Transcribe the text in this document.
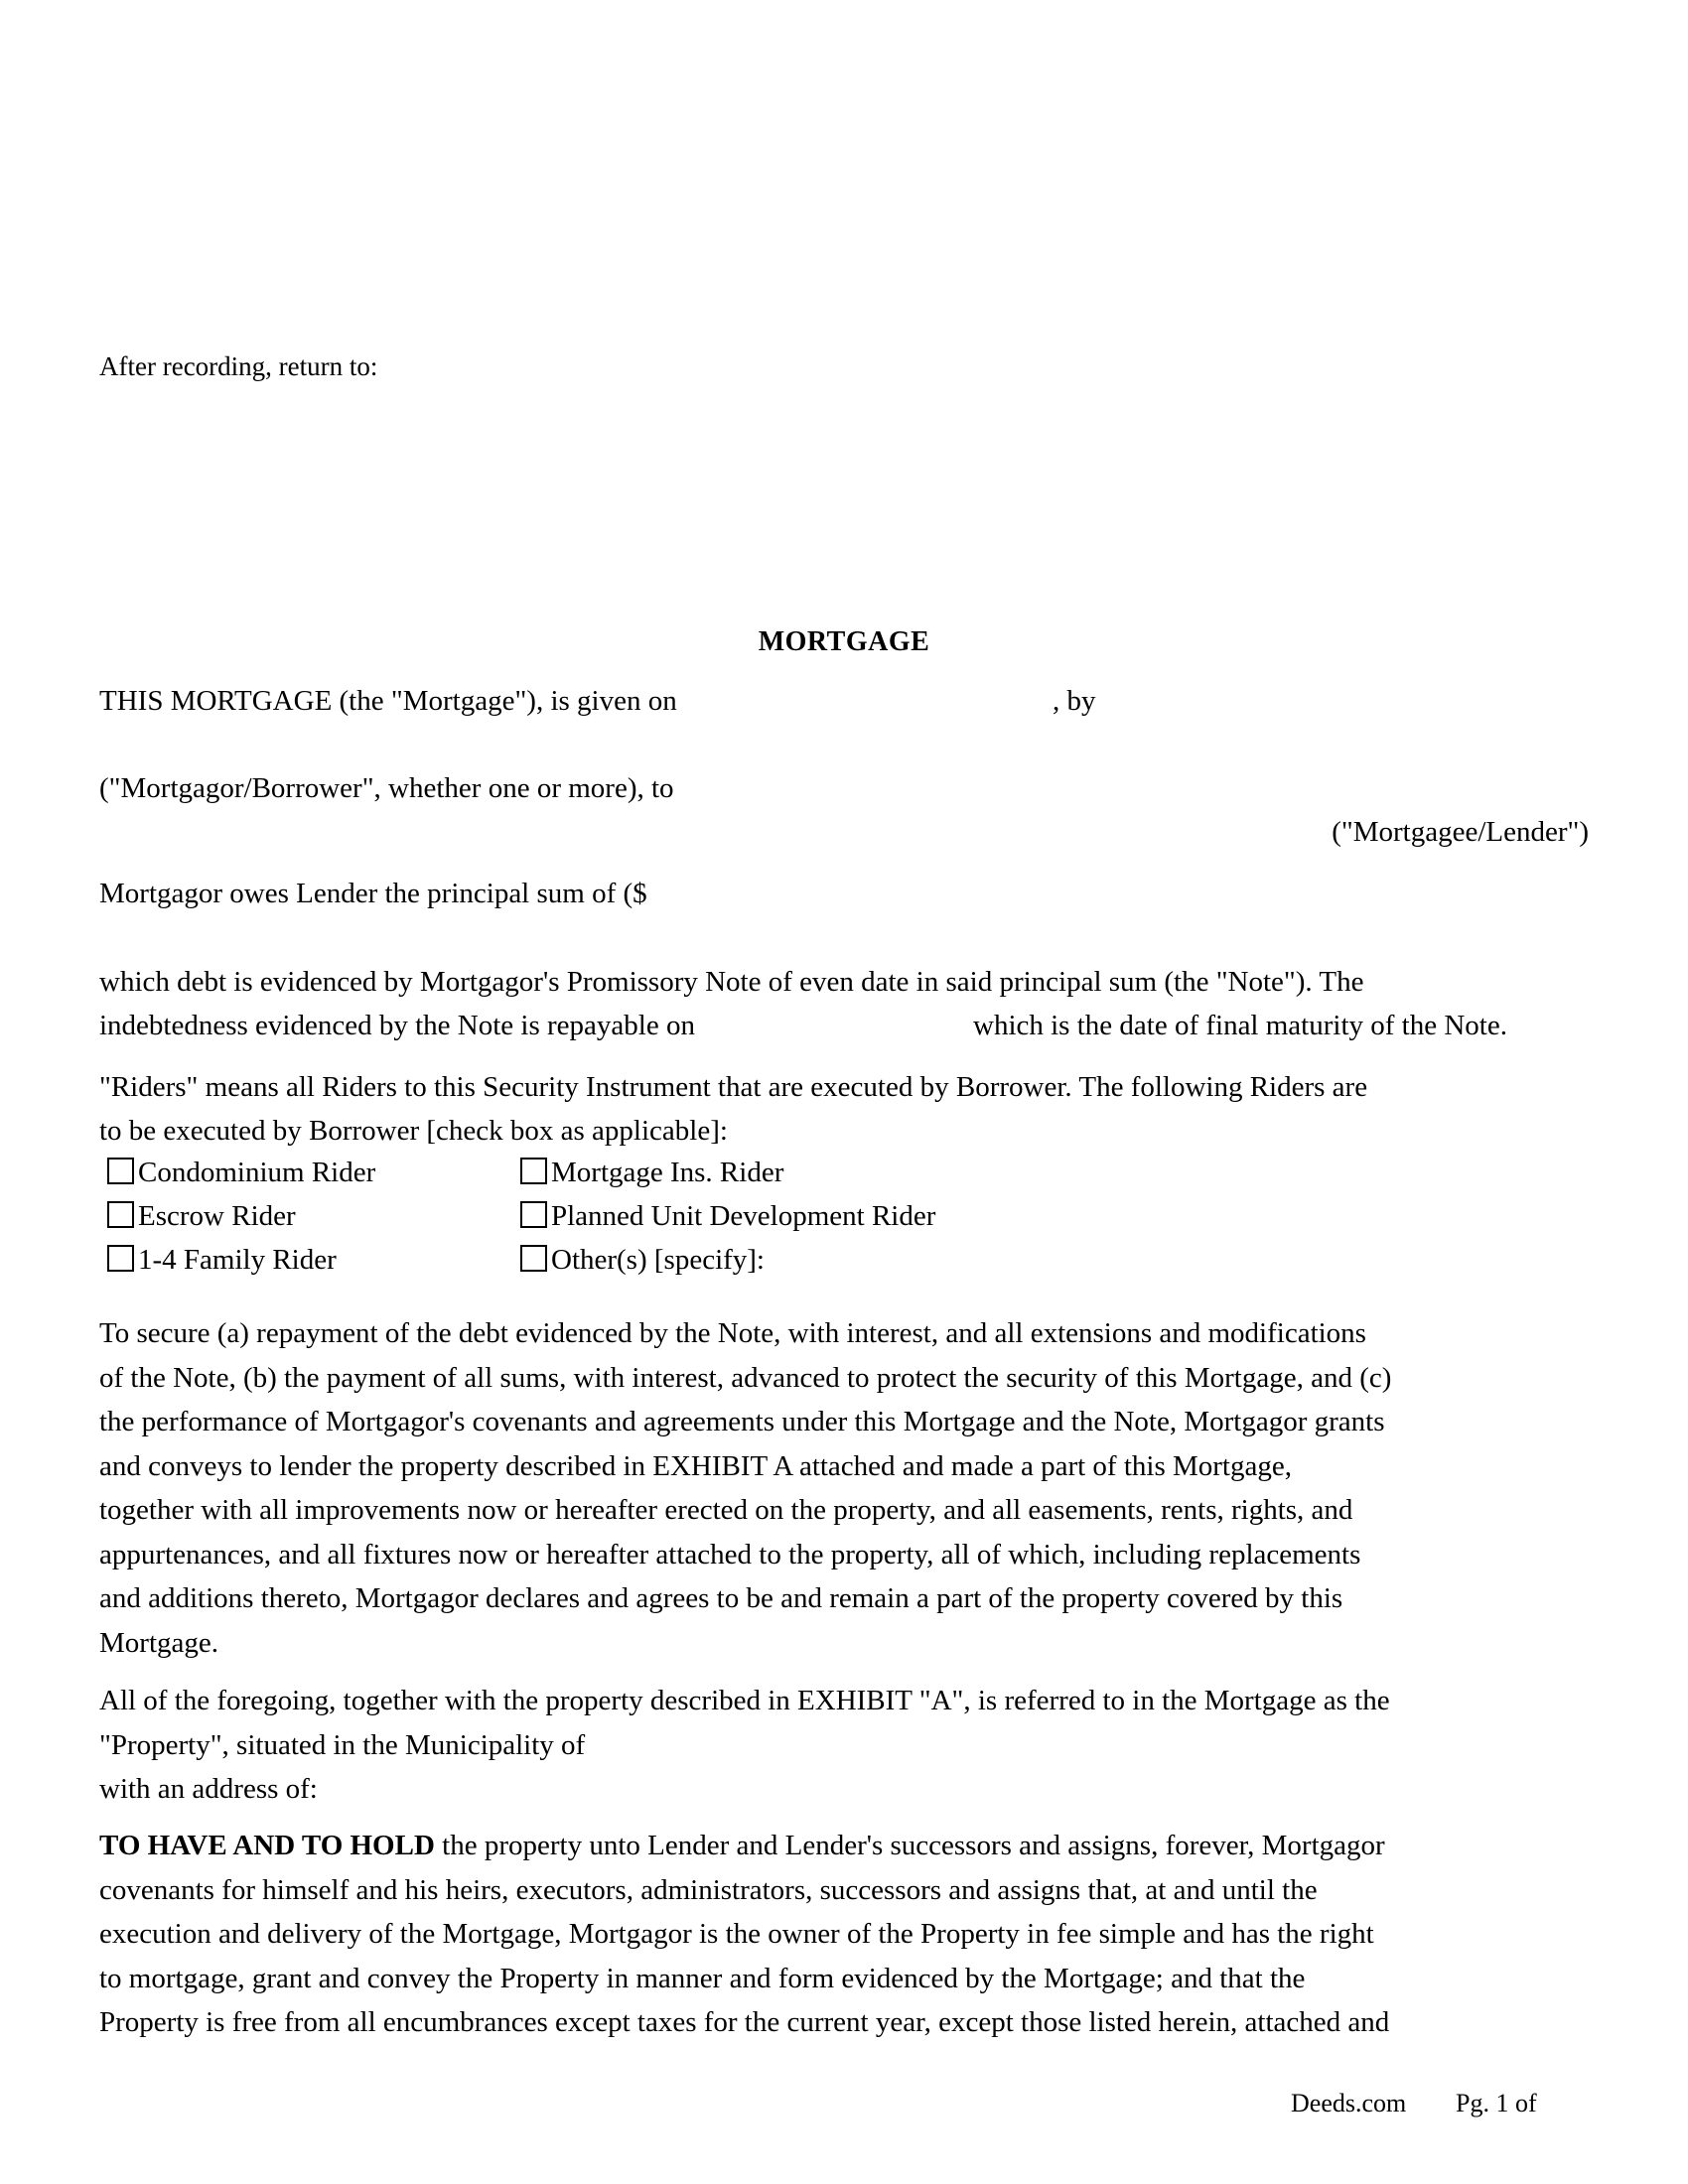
After recording, return to:
MORTGAGE
THIS MORTGAGE (the "Mortgage"), is given on	, by
("Mortgagor/Borrower", whether one or more), to
("Mortgagee/Lender")
Mortgagor owes Lender the principal sum of ($
which debt is evidenced by Mortgagor's Promissory Note of even date in said principal sum (the "Note"). The
indebtedness evidenced by the Note is repayable on	which is the date of final maturity of the Note.
"Riders" means all Riders to this Security Instrument that are executed by Borrower. The following Riders are
to be executed by Borrower [check box as applicable]:
Condominium Rider	Mortgage Ins. Rider
Escrow Rider	Planned Unit Development Rider
1-4 Family Rider	Other(s) [specify]:
To secure (a) repayment of the debt evidenced by the Note, with interest, and all extensions and modifications
of the Note, (b) the payment of all sums, with interest, advanced to protect the security of this Mortgage, and (c)
the performance of Mortgagor's covenants and agreements under this Mortgage and the Note, Mortgagor grants
and conveys to lender the property described in EXHIBIT A attached and made a part of this Mortgage,
together with all improvements now or hereafter erected on the property, and all easements, rents, rights, and
appurtenances, and all fixtures now or hereafter attached to the property, all of which, including replacements
and additions thereto, Mortgagor declares and agrees to be and remain a part of the property covered by this
Mortgage.
All of the foregoing, together with the property described in EXHIBIT "A", is referred to in the Mortgage as the
"Property", situated in the Municipality of
with an address of:
TO HAVE AND TO HOLD the property unto Lender and Lender's successors and assigns, forever, Mortgagor
covenants for himself and his heirs, executors, administrators, successors and assigns that, at and until the
execution and delivery of the Mortgage, Mortgagor is the owner of the Property in fee simple and has the right
to mortgage, grant and convey the Property in manner and form evidenced by the Mortgage; and that the
Property is free from all encumbrances except taxes for the current year, except those listed herein, attached and
Deeds.com Pg. 1 of
